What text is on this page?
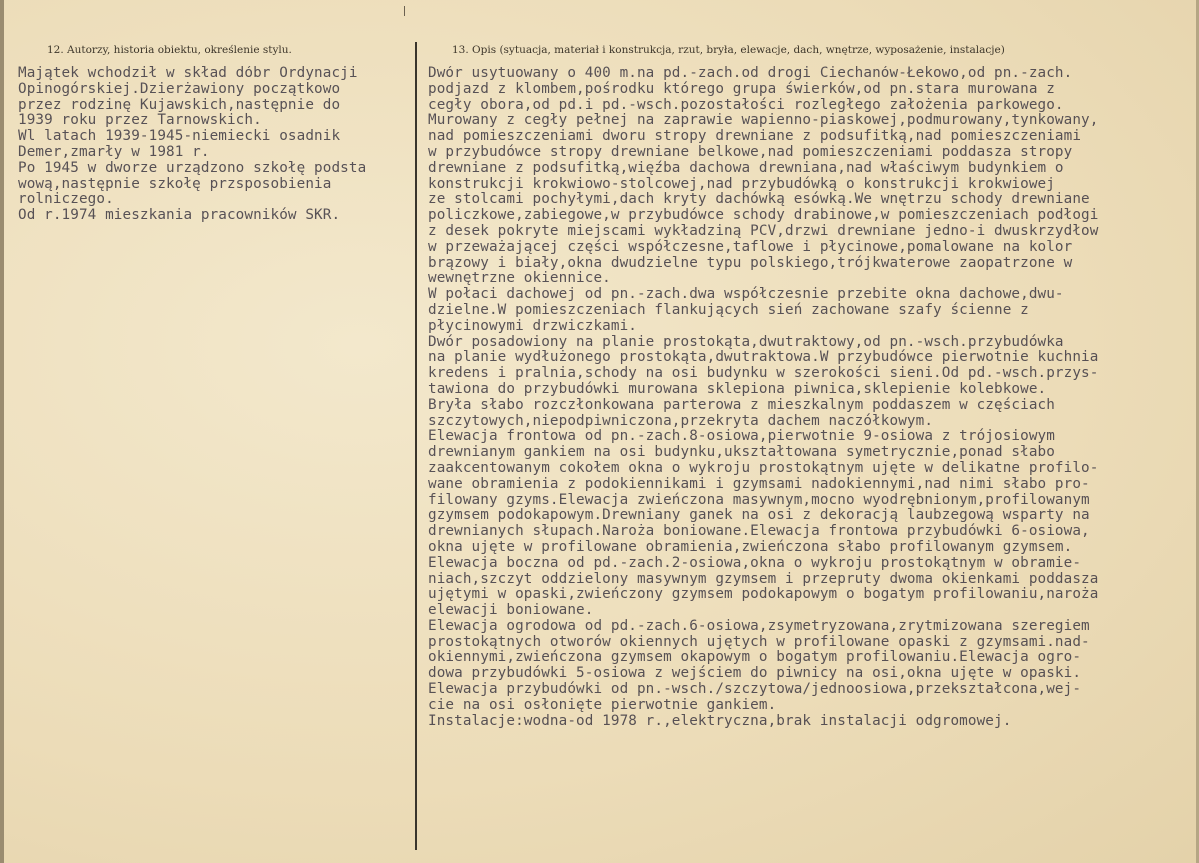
12. Autorzy, historia obiektu, określenie stylu.	13. Opis (sytuacja, materiał i konstrukcja, rzut, bryła, elewacje, dach, wnętrze, wyposażenie, instalacje)
Majątek wchodził w skład dóbr Ordynacji
Opinogórskiej.Dzierżawiony początkowo
przez rodzinę Kujawskich,następnie do
1939 roku przez Tarnowskich.
Wl latach 1939-1945-niemiecki osadnik
Demer,zmarły w 1981 r.
Po 1945 w dworze urządzono szkołę podsta
wową,następnie szkołę przsposobienia
rolniczego.
Od r.1974 mieszkania pracowników SKR.
Dwór usytuowany o 400 m.na pd.-zach.od drogi Ciechanów-Łekowo,od pn.-zach.
podjazd z klombem,pośrodku którego grupa świerków,od pn.stara murowana z
cegły obora,od pd.i pd.-wsch.pozostałości rozległego założenia parkowego.
Murowany z cegły pełnej na zaprawie wapienno-piaskowej,podmurowany,tynkowany,
nad pomieszczeniami dworu stropy drewniane z podsufitką,nad pomieszczeniami
w przybudówce stropy drewniane belkowe,nad pomieszczeniami poddasza stropy
drewniane z podsufitką,więźba dachowa drewniana,nad właściwym budynkiem o
konstrukcji krokwiowo-stolcowej,nad przybudówką o konstrukcji krokwiowej
ze stolcami pochyłymi,dach kryty dachówką esówką.We wnętrzu schody drewniane
policzkowe,zabiegowe,w przybudówce schody drabinowe,w pomieszczeniach podłogi
z desek pokryte miejscami wykładziną PCV,drzwi drewniane jedno-i dwuskrzydłow
w przeważającej części współczesne,taflowe i płycinowe,pomalowane na kolor
brązowy i biały,okna dwudzielne typu polskiego,trójkwaterowe zaopatrzone w
wewnętrzne okiennice.
W połaci dachowej od pn.-zach.dwa współczesnie przebite okna dachowe,dwu-
dzielne.W pomieszczeniach flankujących sień zachowane szafy ścienne z
płycinowymi drzwiczkami.
Dwór posadowiony na planie prostokąta,dwutraktowy,od pn.-wsch.przybudówka
na planie wydłużonego prostokąta,dwutraktowa.W przybudówce pierwotnie kuchnia
kredens i pralnia,schody na osi budynku w szerokości sieni.Od pd.-wsch.przys-
tawiona do przybudówki murowana sklepiona piwnica,sklepienie kolebkowe.
Bryła słabo rozczłonkowana parterowa z mieszkalnym poddaszem w częściach
szczytowych,niepodpiwniczona,przekryta dachem naczółkowym.
Elewacja frontowa od pn.-zach.8-osiowa,pierwotnie 9-osiowa z trójosiowym
drewnianym gankiem na osi budynku,ukształtowana symetrycznie,ponad słabo
zaakcentowanym cokołem okna o wykroju prostokątnym ujęte w delikatne profilo-
wane obramienia z podokiennikami i gzymsami nadokiennymi,nad nimi słabo pro-
filowany gzyms.Elewacja zwieńczona masywnym,mocno wyodrębnionym,profilowanym
gzymsem podokapowym.Drewniany ganek na osi z dekoracją laubzegową wsparty na
drewnianych słupach.Naroża boniowane.Elewacja frontowa przybudówki 6-osiowa,
okna ujęte w profilowane obramienia,zwieńczona słabo profilowanym gzymsem.
Elewacja boczna od pd.-zach.2-osiowa,okna o wykroju prostokątnym w obramie-
niach,szczyt oddzielony masywnym gzymsem i przepruty dwoma okienkami poddasza
ujętymi w opaski,zwieńczony gzymsem podokapowym o bogatym profilowaniu,naroża
elewacji boniowane.
Elewacja ogrodowa od pd.-zach.6-osiowa,zsymetryzowana,zrytmizowana szeregiem
prostokątnych otworów okiennych ujętych w profilowane opaski z gzymsami.nad-
okiennymi,zwieńczona gzymsem okapowym o bogatym profilowaniu.Elewacja ogro-
dowa przybudówki 5-osiowa z wejściem do piwnicy na osi,okna ujęte w opaski.
Elewacja przybudówki od pn.-wsch./szczytowa/jednoosiowa,przekształcona,wej-
cie na osi osłonięte pierwotnie gankiem.
Instalacje:wodna-od 1978 r.,elektryczna,brak instalacji odgromowej.
